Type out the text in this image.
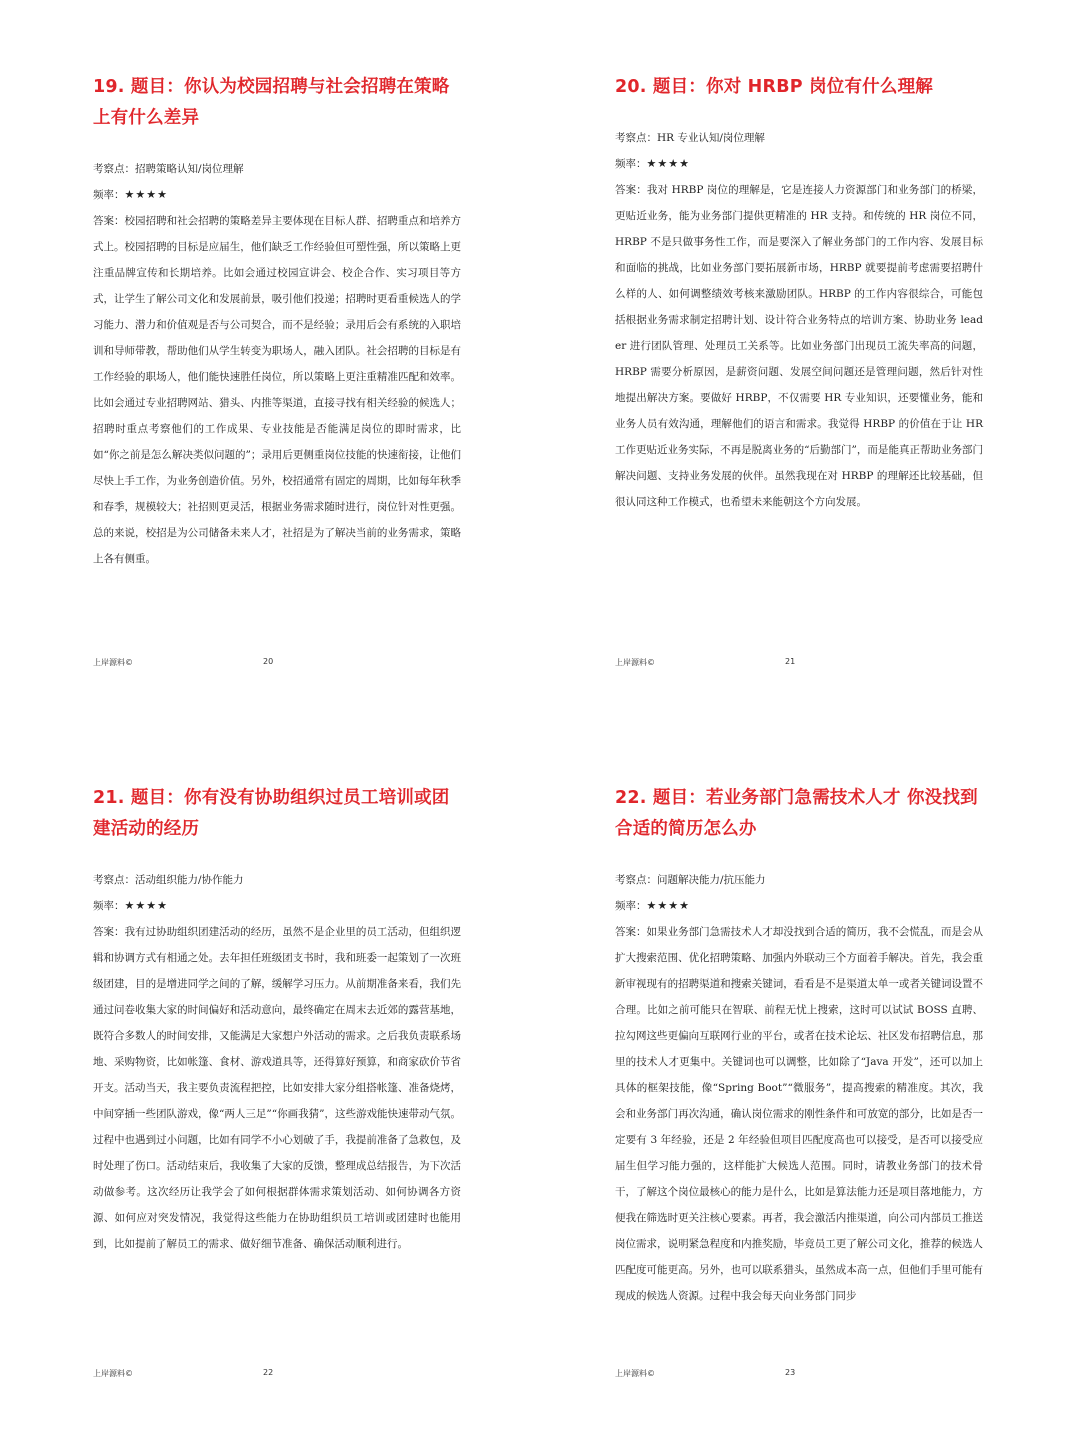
19. 题目：你认为校园招聘与社会招聘在策略上有什么差异

考察点：招聘策略认知/岗位理解

频率：★★★★

答案：校园招聘和社会招聘的策略差异主要体现在目标人群、招聘重点和培养方式上。校园招聘的目标是应届生，他们缺乏工作经验但可塑性强，所以策略上更注重品牌宣传和长期培养。比如会通过校园宣讲会、校企合作、实习项目等方式，让学生了解公司文化和发展前景，吸引他们投递；招聘时更看重候选人的学习能力、潜力和价值观是否与公司契合，而不是经验；录用后会有系统的入职培训和导师带教，帮助他们从学生转变为职场人，融入团队。社会招聘的目标是有工作经验的职场人，他们能快速胜任岗位，所以策略上更注重精准匹配和效率。比如会通过专业招聘网站、猎头、内推等渠道，直接寻找有相关经验的候选人；招聘时重点考察他们的工作成果、专业技能是否能满足岗位的即时需求，比如“你之前是怎么解决类似问题的”；录用后更侧重岗位技能的快速衔接，让他们尽快上手工作，为业务创造价值。另外，校招通常有固定的周期，比如每年秋季和春季，规模较大；社招则更灵活，根据业务需求随时进行，岗位针对性更强。总的来说，校招是为公司储备未来人才，社招是为了解决当前的业务需求，策略上各有侧重。

上岸源料©	20
20. 题目：你对 HRBP 岗位有什么理解

考察点：HR 专业认知/岗位理解

频率：★★★★

答案：我对 HRBP 岗位的理解是，它是连接人力资源部门和业务部门的桥梁，更贴近业务，能为业务部门提供更精准的 HR 支持。和传统的 HR 岗位不同，HRBP 不是只做事务性工作，而是要深入了解业务部门的工作内容、发展目标和面临的挑战，比如业务部门要拓展新市场，HRBP 就要提前考虑需要招聘什么样的人、如何调整绩效考核来激励团队。HRBP 的工作内容很综合，可能包括根据业务需求制定招聘计划、设计符合业务特点的培训方案、协助业务 leader 进行团队管理、处理员工关系等。比如业务部门出现员工流失率高的问题，HRBP 需要分析原因，是薪资问题、发展空间问题还是管理问题，然后针对性地提出解决方案。要做好 HRBP，不仅需要 HR 专业知识，还要懂业务，能和业务人员有效沟通，理解他们的语言和需求。我觉得 HRBP 的价值在于让 HR 工作更贴近业务实际，不再是脱离业务的“后勤部门”，而是能真正帮助业务部门解决问题、支持业务发展的伙伴。虽然我现在对 HRBP 的理解还比较基础，但很认同这种工作模式，也希望未来能朝这个方向发展。

上岸源料©	21
21. 题目：你有没有协助组织过员工培训或团建活动的经历

考察点：活动组织能力/协作能力

频率：★★★★

答案：我有过协助组织团建活动的经历，虽然不是企业里的员工活动，但组织逻辑和协调方式有相通之处。去年担任班级团支书时，我和班委一起策划了一次班级团建，目的是增进同学之间的了解，缓解学习压力。从前期准备来看，我们先通过问卷收集大家的时间偏好和活动意向，最终确定在周末去近郊的露营基地，既符合多数人的时间安排，又能满足大家想户外活动的需求。之后我负责联系场地、采购物资，比如帐篷、食材、游戏道具等，还得算好预算，和商家砍价节省开支。活动当天，我主要负责流程把控，比如安排大家分组搭帐篷、准备烧烤，中间穿插一些团队游戏，像“两人三足”“你画我猜”，这些游戏能快速带动气氛。过程中也遇到过小问题，比如有同学不小心划破了手，我提前准备了急救包，及时处理了伤口。活动结束后，我收集了大家的反馈，整理成总结报告，为下次活动做参考。这次经历让我学会了如何根据群体需求策划活动、如何协调各方资源、如何应对突发情况，我觉得这些能力在协助组织员工培训或团建时也能用到，比如提前了解员工的需求、做好细节准备、确保活动顺利进行。

上岸源料©	22
22. 题目：若业务部门急需技术人才 你没找到合适的简历怎么办

考察点：问题解决能力/抗压能力

频率：★★★★

答案：如果业务部门急需技术人才却没找到合适的简历，我不会慌乱，而是会从扩大搜索范围、优化招聘策略、加强内外联动三个方面着手解决。首先，我会重新审视现有的招聘渠道和搜索关键词，看看是不是渠道太单一或者关键词设置不合理。比如之前可能只在智联、前程无忧上搜索，这时可以试试 BOSS 直聘、拉勾网这些更偏向互联网行业的平台，或者在技术论坛、社区发布招聘信息，那里的技术人才更集中。关键词也可以调整，比如除了“Java 开发”，还可以加上具体的框架技能，像“Spring Boot”“微服务”，提高搜索的精准度。其次，我会和业务部门再次沟通，确认岗位需求的刚性条件和可放宽的部分，比如是否一定要有 3 年经验，还是 2 年经验但项目匹配度高也可以接受，是否可以接受应届生但学习能力强的，这样能扩大候选人范围。同时，请教业务部门的技术骨干，了解这个岗位最核心的能力是什么，比如是算法能力还是项目落地能力，方便我在筛选时更关注核心要素。再者，我会激活内推渠道，向公司内部员工推送岗位需求，说明紧急程度和内推奖励，毕竟员工更了解公司文化，推荐的候选人匹配度可能更高。另外，也可以联系猎头，虽然成本高一点，但他们手里可能有现成的候选人资源。过程中我会每天向业务部门同步

上岸源料©	23
